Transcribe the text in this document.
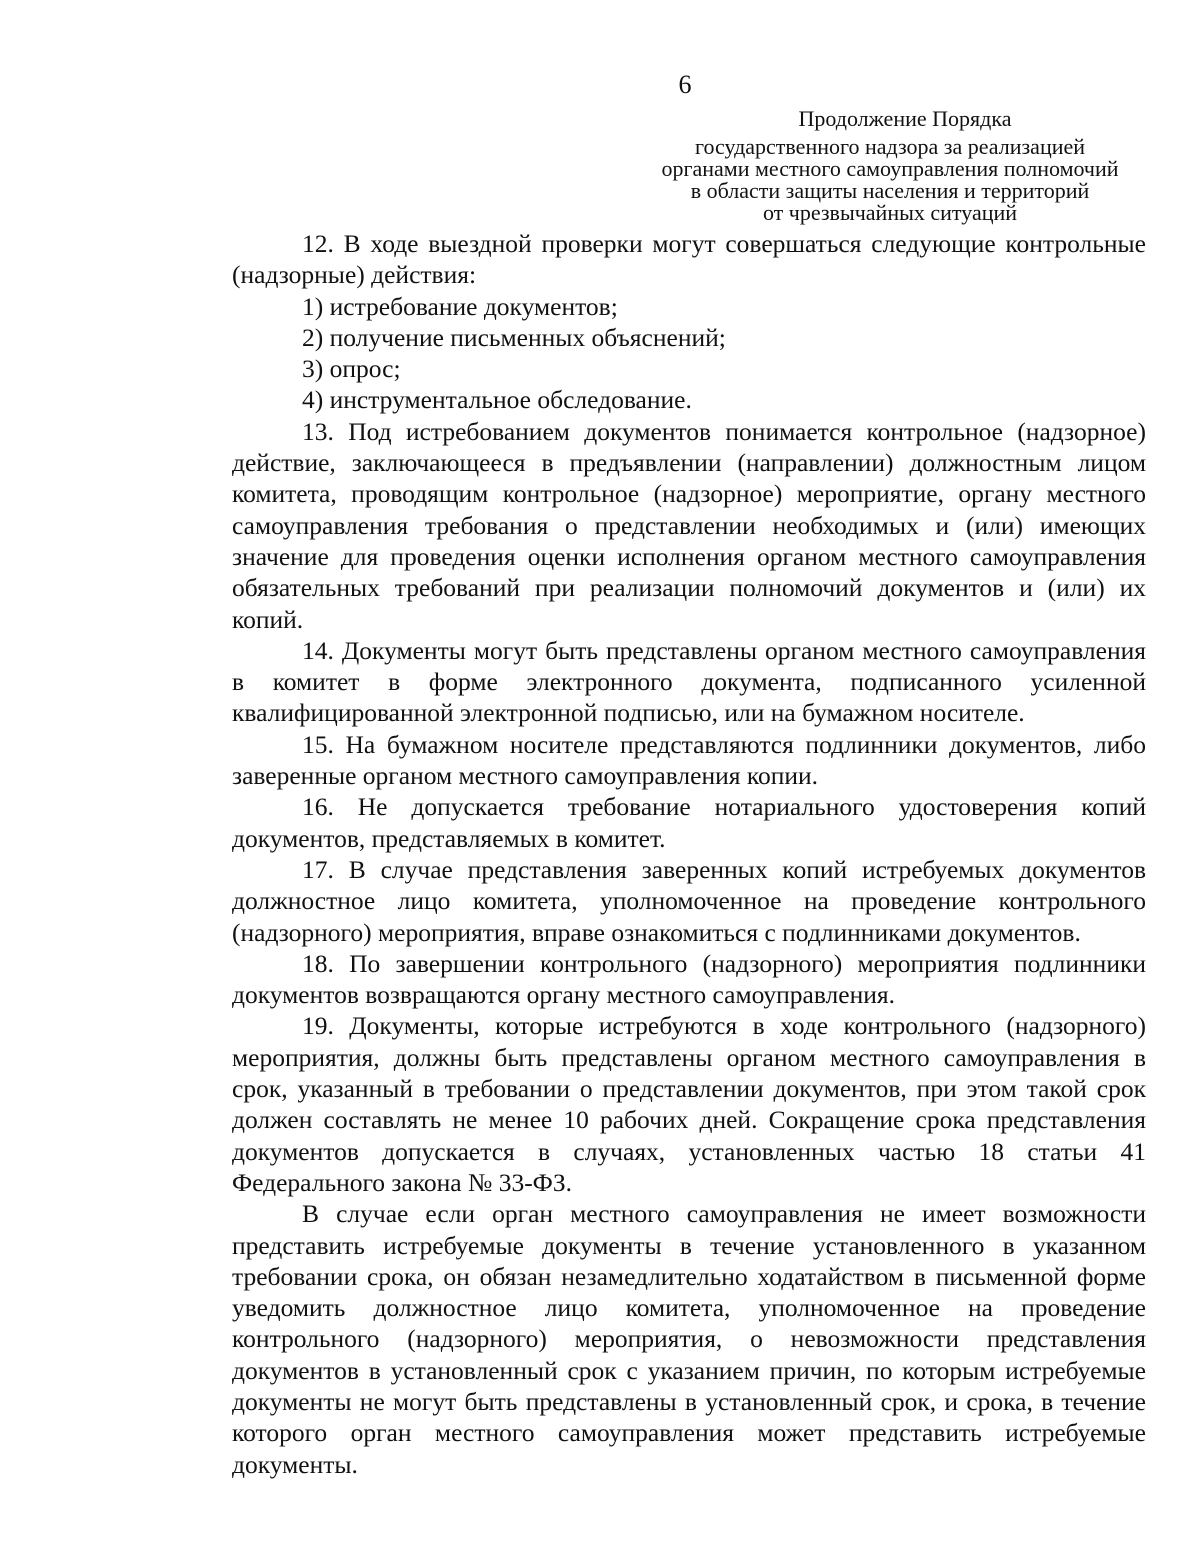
6
Продолжение Порядка
государственного надзора за реализацией
органами местного самоуправления полномочий
в области защиты населения и территорий
от чрезвычайных ситуаций

12. В ходе выездной проверки могут совершаться следующие контрольные (надзорные) действия:

1) истребование документов;

2) получение письменных объяснений;

3) опрос;

4) инструментальное обследование.

13. Под истребованием документов понимается контрольное (надзорное) действие, заключающееся в предъявлении (направлении) должностным лицом комитета, проводящим контрольное (надзорное) мероприятие, органу местного самоуправления требования о представлении необходимых и (или) имеющих значение для проведения оценки исполнения органом местного самоуправления обязательных требований при реализации полномочий документов и (или) их копий.

14. Документы могут быть представлены органом местного самоуправления в комитет в форме электронного документа, подписанного усиленной квалифицированной электронной подписью, или на бумажном носителе.

15. На бумажном носителе представляются подлинники документов, либо заверенные органом местного самоуправления копии.

16. Не допускается требование нотариального удостоверения копий документов, представляемых в комитет.

17. В случае представления заверенных копий истребуемых документов должностное лицо комитета, уполномоченное на проведение контрольного (надзорного) мероприятия, вправе ознакомиться с подлинниками документов.

18. По завершении контрольного (надзорного) мероприятия подлинники документов возвращаются органу местного самоуправления.

19. Документы, которые истребуются в ходе контрольного (надзорного) мероприятия, должны быть представлены органом местного самоуправления в срок, указанный в требовании о представлении документов, при этом такой срок должен составлять не менее 10 рабочих дней. Сокращение срока представления документов допускается в случаях, установленных частью 18 статьи 41 Федерального закона № 33-ФЗ.

В случае если орган местного самоуправления не имеет возможности представить истребуемые документы в течение установленного в указанном требовании срока, он обязан незамедлительно ходатайством в письменной форме уведомить должностное лицо комитета, уполномоченное на проведение контрольного (надзорного) мероприятия, о невозможности представления документов в установленный срок с указанием причин, по которым истребуемые документы не могут быть представлены в установленный срок, и срока, в течение которого орган местного самоуправления может представить истребуемые документы.
